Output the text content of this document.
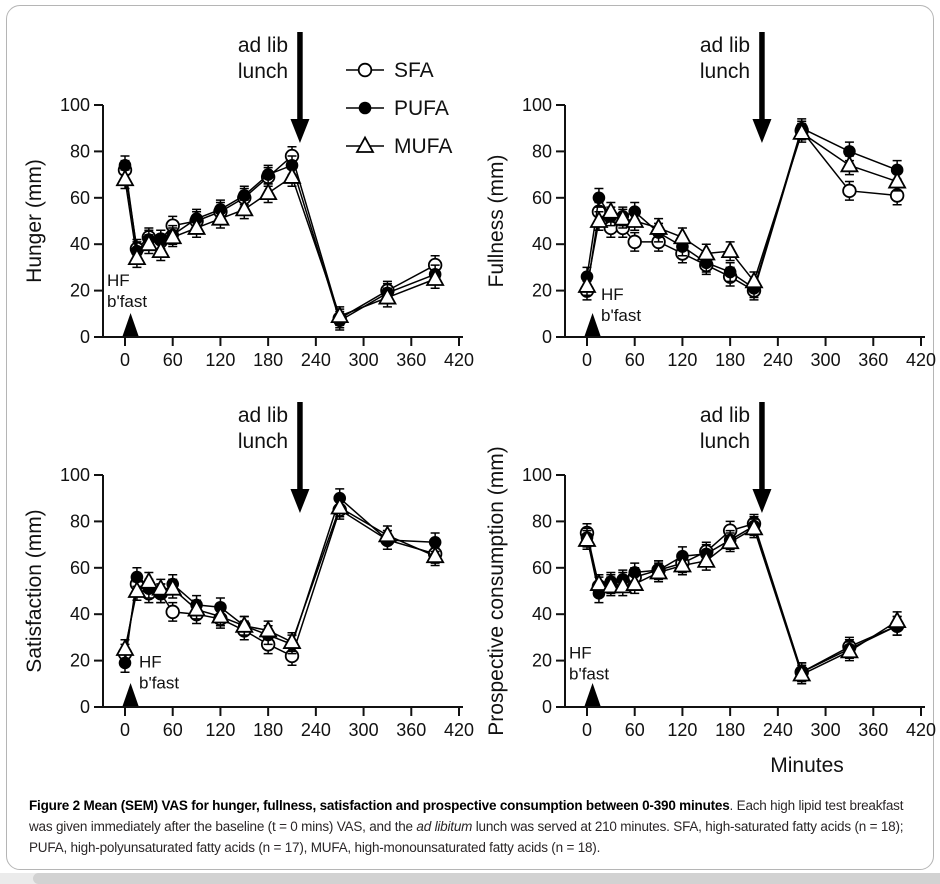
0
20
40
60
80
100
0 60 120 180 240 300 360 420
Hunger (mm)
ad lib
lunch
HF
b'fast
SFA
PUFA
MUFA
0
20
40
60
80
100
0 60 120 180 240 300 360 420
Fullness (mm)
ad lib
lunch
HF
b'fast
0
20
40
60
80
100
0 60 120 180 240 300 360 420
Satisfaction (mm)
ad lib
lunch
HF
b'fast
0
20
40
60
80
100
0 60 120 180 240 300 360 420
Prospective consumption (mm)
ad lib
lunch
HF
b'fast
Minutes

Figure 2 Mean (SEM) VAS for hunger, fullness, satisfaction and prospective consumption between 0-390 minutes. Each high lipid test breakfast was given immediately after the baseline (t = 0 mins) VAS, and the ad libitum lunch was served at 210 minutes. SFA, high-saturated fatty acids (n = 18); PUFA, high-polyunsaturated fatty acids (n = 17), MUFA, high-monounsaturated fatty acids (n = 18).
